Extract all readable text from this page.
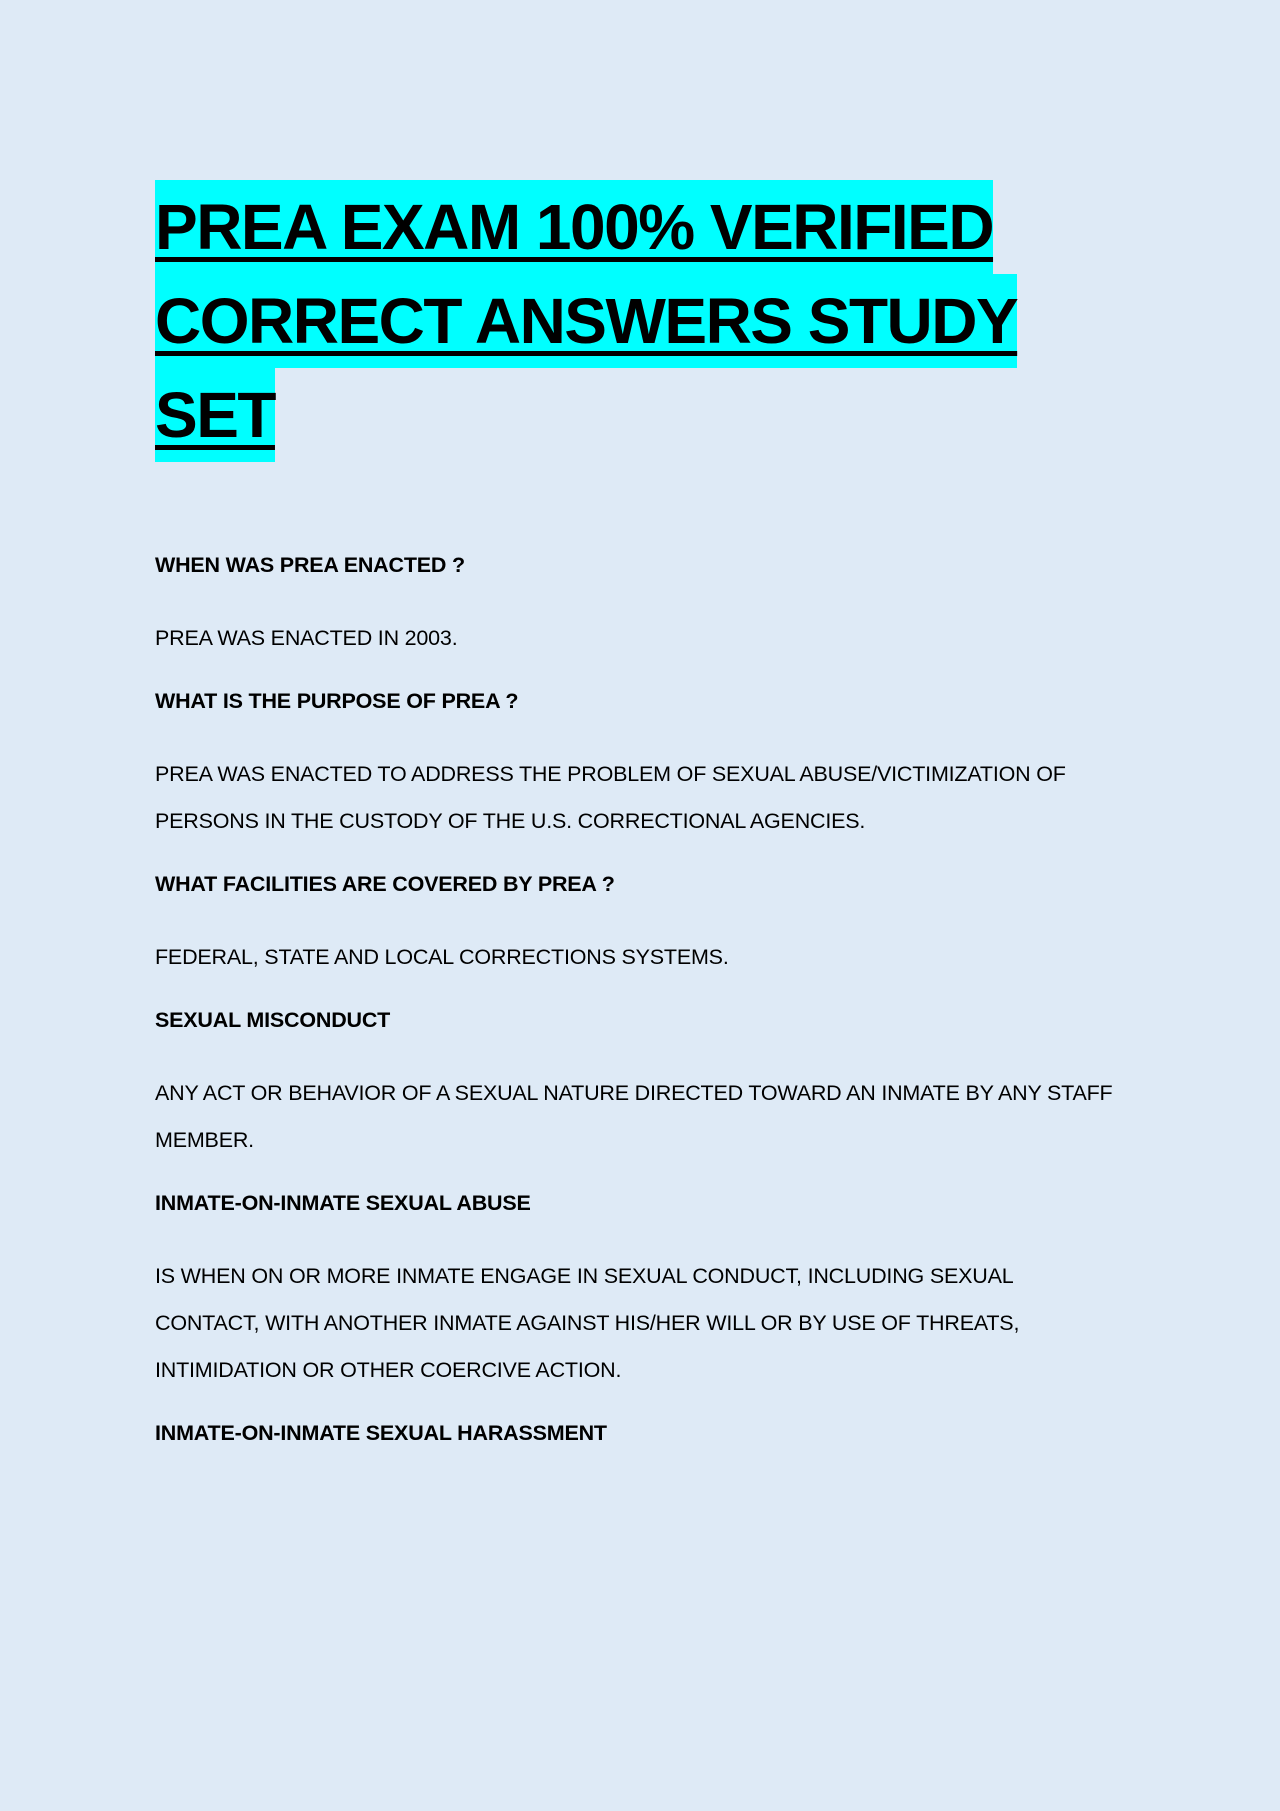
PREA EXAM 100% VERIFIED
CORRECT ANSWERS STUDY
SET
WHEN WAS PREA ENACTED ?
PREA WAS ENACTED IN 2003.
WHAT IS THE PURPOSE OF PREA ?
PREA WAS ENACTED TO ADDRESS THE PROBLEM OF SEXUAL ABUSE/VICTIMIZATION OF
PERSONS IN THE CUSTODY OF THE U.S. CORRECTIONAL AGENCIES.
WHAT FACILITIES ARE COVERED BY PREA ?
FEDERAL, STATE AND LOCAL CORRECTIONS SYSTEMS.
SEXUAL MISCONDUCT
ANY ACT OR BEHAVIOR OF A SEXUAL NATURE DIRECTED TOWARD AN INMATE BY ANY STAFF
MEMBER.
INMATE-ON-INMATE SEXUAL ABUSE
IS WHEN ON OR MORE INMATE ENGAGE IN SEXUAL CONDUCT, INCLUDING SEXUAL
CONTACT, WITH ANOTHER INMATE AGAINST HIS/HER WILL OR BY USE OF THREATS,
INTIMIDATION OR OTHER COERCIVE ACTION.
INMATE-ON-INMATE SEXUAL HARASSMENT
